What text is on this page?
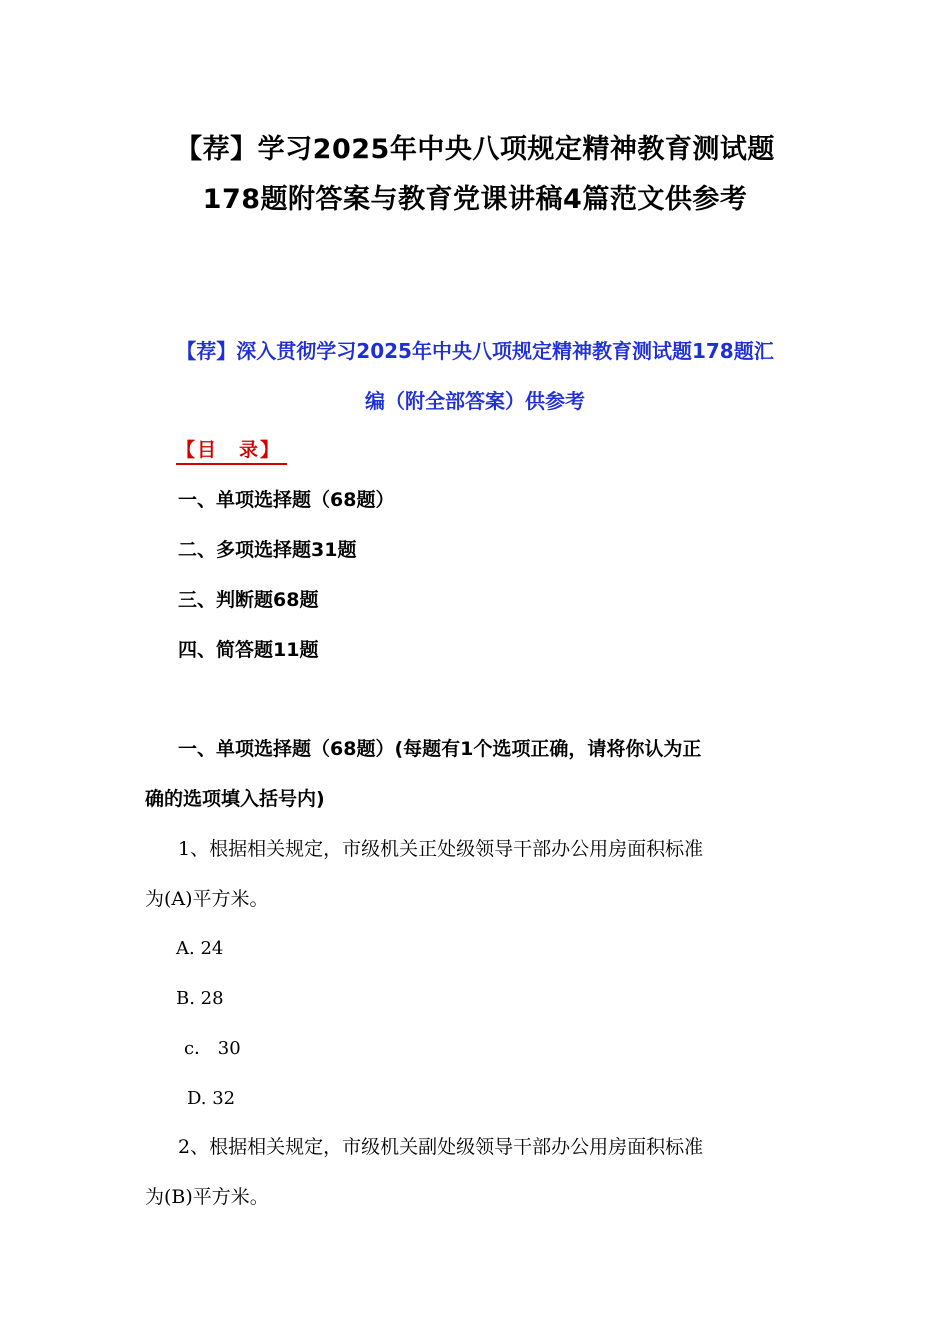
【荐】学习2025年中央八项规定精神教育测试题
178题附答案与教育党课讲稿4篇范文供参考
【荐】深入贯彻学习2025年中央八项规定精神教育测试题178题汇
编（附全部答案）供参考
【目　录】
一、单项选择题（68题）
二、多项选择题31题
三、判断题68题
四、简答题11题
一、单项选择题（68题）(每题有1个选项正确，请将你认为正
确的选项填入括号内)
1、根据相关规定，市级机关正处级领导干部办公用房面积标准
为(A)平方米。
A. 24
B. 28
c． 30
D. 32
2、根据相关规定，市级机关副处级领导干部办公用房面积标准
为(B)平方米。
